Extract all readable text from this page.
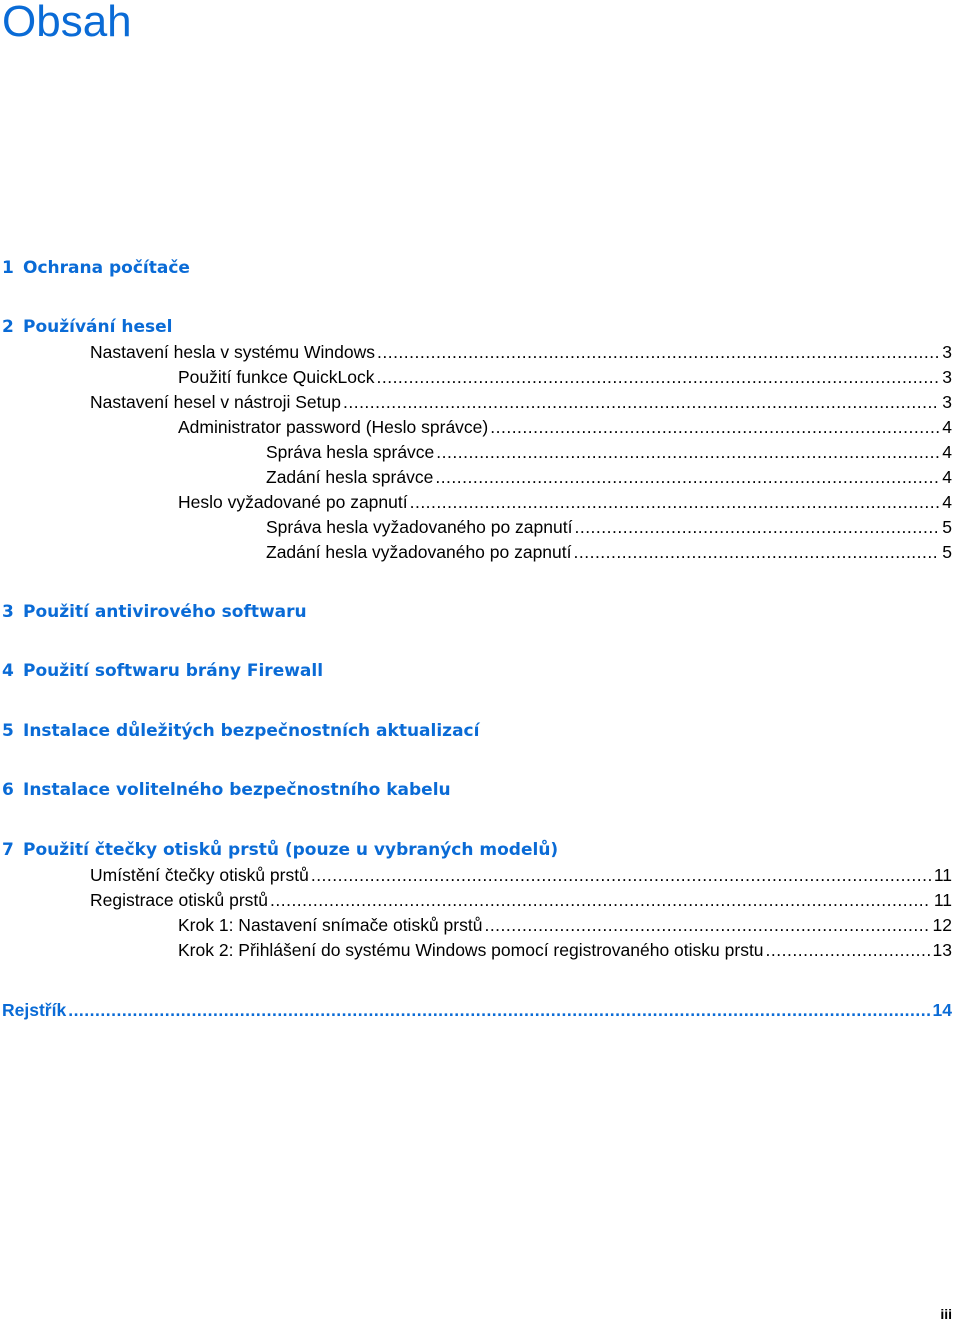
Obsah
1 Ochrana počítače
2 Používání hesel
Nastavení hesla v systému Windows .....	3
Použití funkce QuickLock .....	3
Nastavení hesel v nástroji Setup .....	3
Administrator password (Heslo správce) .....	4
Správa hesla správce .....	4
Zadání hesla správce .....	4
Heslo vyžadované po zapnutí .....	4
Správa hesla vyžadovaného po zapnutí .....	5
Zadání hesla vyžadovaného po zapnutí .....	5
3 Použití antivirového softwaru
4 Použití softwaru brány Firewall
5 Instalace důležitých bezpečnostních aktualizací
6 Instalace volitelného bezpečnostního kabelu
7 Použití čtečky otisků prstů (pouze u vybraných modelů)
Umístění čtečky otisků prstů .....	11
Registrace otisků prstů .....	11
Krok 1: Nastavení snímače otisků prstů .....	12
Krok 2: Přihlášení do systému Windows pomocí registrovaného otisku prstu .....	13
Rejstřík .....	14
iii
